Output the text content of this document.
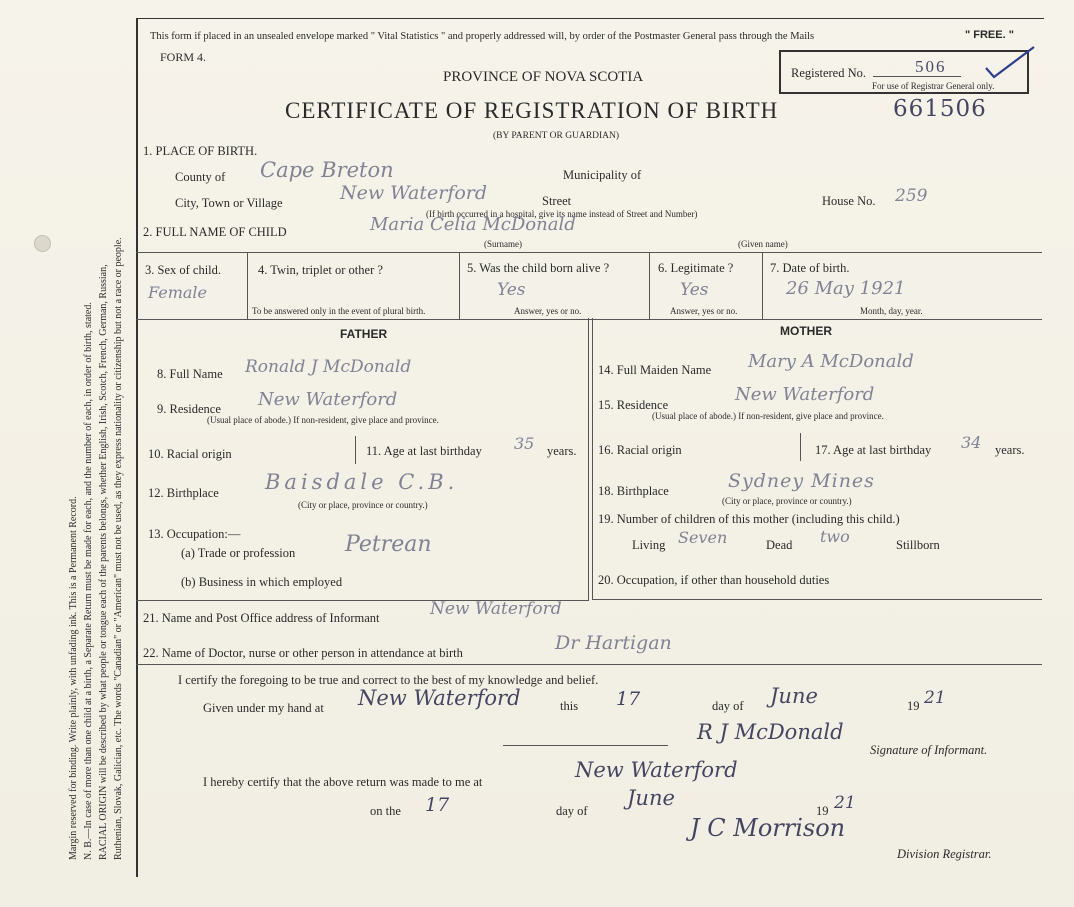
Margin reserved for binding. Write plainly, with unfading ink. This is a Permanent Record. N. B.—In case of more than one child at a birth, a Separate Return must be made for each, and the number of each, in order of birth, stated. RACIAL ORIGIN will be described by what people or tongue each of the parents belongs, whether English, Irish, Scotch, French, German, Russian, Ruthenian, Slovak, Galician, etc. The words "Canadian" or "American" must not be used, as they express nationality or citizenship but not a race or people.
This form if placed in an unsealed envelope marked " Vital Statistics " and properly addressed will, by order of the Postmaster General pass through the Mails	" FREE. "
FORM 4.
PROVINCE OF NOVA SCOTIA
CERTIFICATE OF REGISTRATION OF BIRTH
(BY PARENT OR GUARDIAN)
Registered No.	506
For use of Registrar General only.
661506
1. PLACE OF BIRTH.
County of Cape Breton	Municipality of
City, Town or Village	New Waterford	Street	House No. 259
(If birth occurred in a hospital, give its name instead of Street and Number)
2. FULL NAME OF CHILD	Maria Celia McDonald
(Surname)	(Given name)
3. Sex of child.
Female
4. Twin, triplet or other ?
To be answered only in the event of plural birth.
5. Was the child born alive ?
Yes
Answer, yes or no.
6. Legitimate ?
Yes
Answer, yes or no.
7. Date of birth.
26 May 1921
Month, day, year.
FATHER	MOTHER
8. Full Name Ronald J McDonald
9. Residence New Waterford
(Usual place of abode.) If non-resident, give place and province.
10. Racial origin	11. Age at last birthday 35 years.
12. Birthplace Baisdale C.B.
(City or place, province or country.)
13. Occupation:—
(a) Trade or profession Petrean
(b) Business in which employed
14. Full Maiden Name Mary A McDonald
15. Residence	New Waterford
(Usual place of abode.) If non-resident, give place and province.
16. Racial origin	17. Age at last birthday 34 years.
18. Birthplace	Sydney Mines
(City or place, province or country.)
19. Number of children of this mother (including this child.)
Living Seven	Dead two	Stillborn
20. Occupation, if other than household duties
21. Name and Post Office address of Informant	New Waterford
22. Name of Doctor, nurse or other person in attendance at birth	Dr Hartigan
I certify the foregoing to be true and correct to the best of my knowledge and belief.
Given under my hand at New Waterford	this 17	day of June	19 21
R J McDonald
Signature of Informant.
I hereby certify that the above return was made to me at	New Waterford
on the 17	day of
June
19 21
J C Morrison
Division Registrar.
